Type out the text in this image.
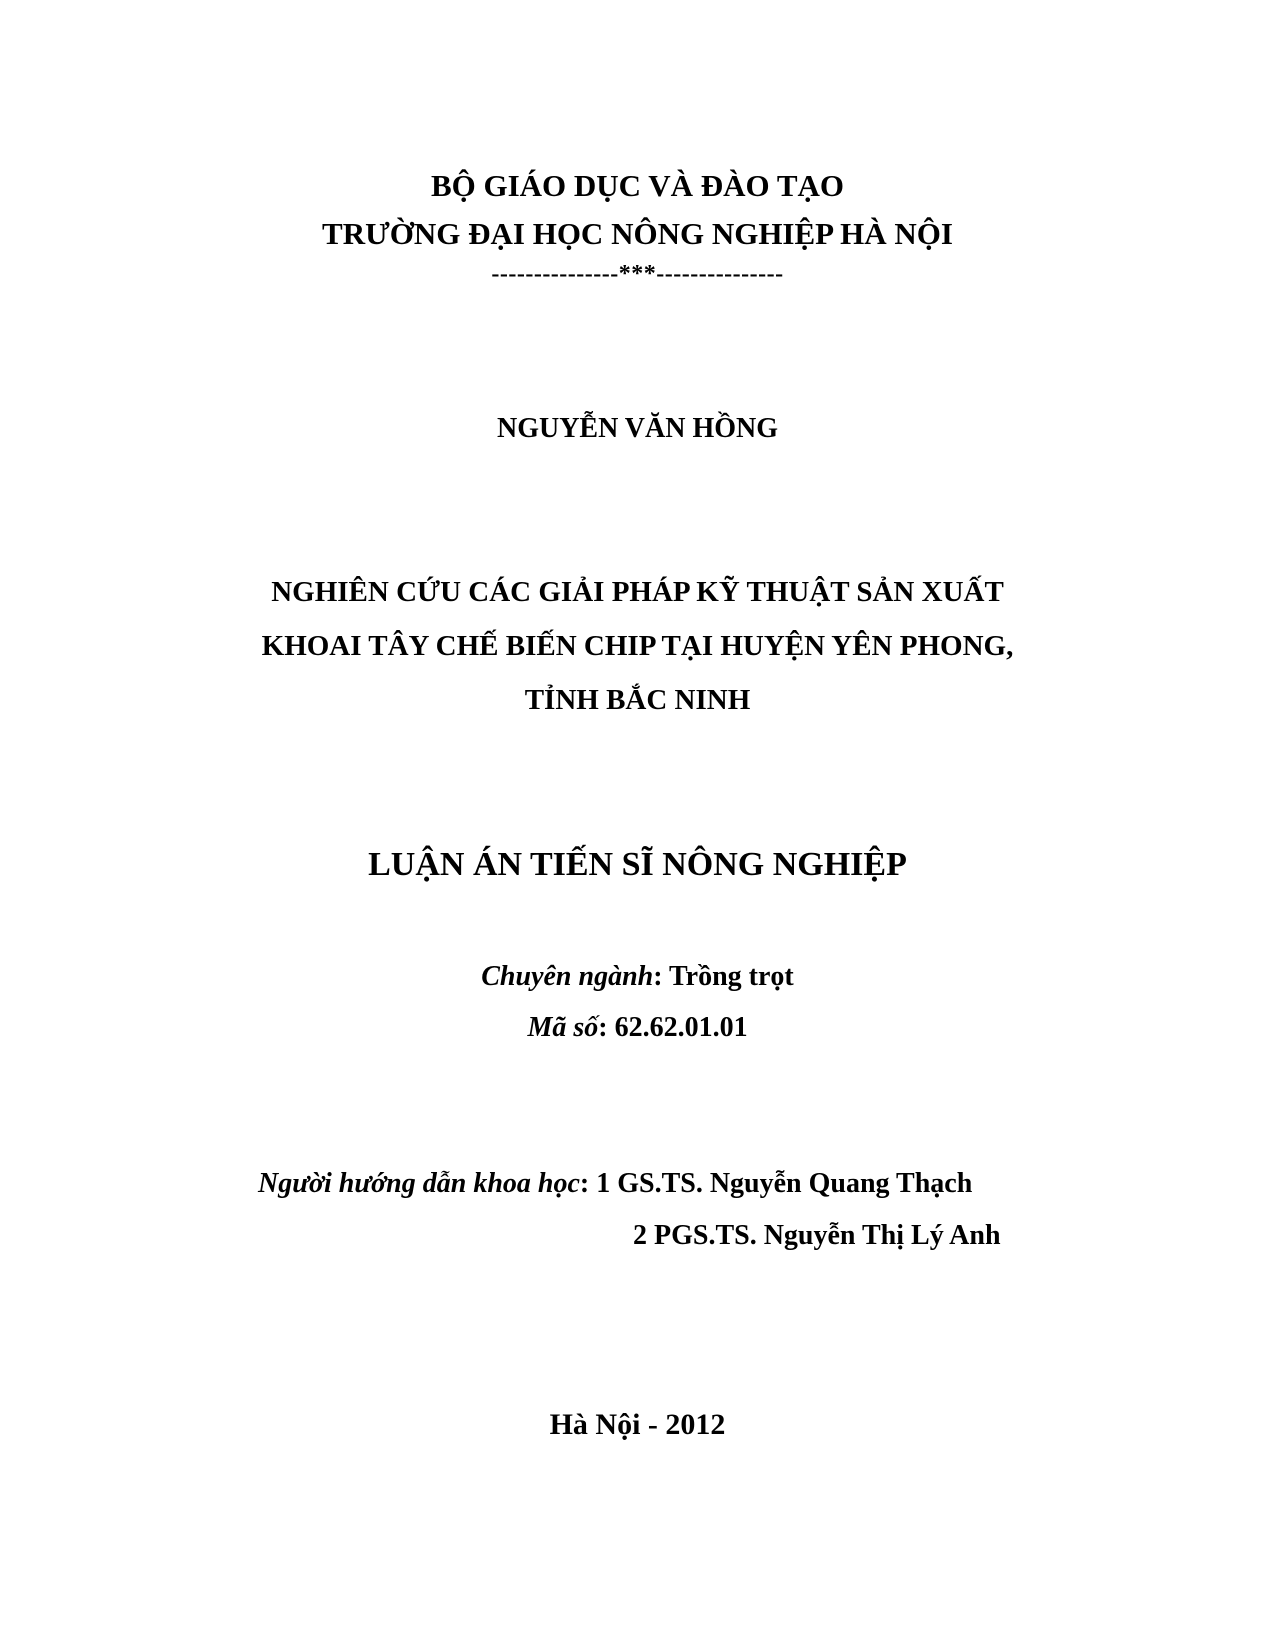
BỘ GIÁO DỤC VÀ ĐÀO TẠO
TRƯỜNG ĐẠI HỌC NÔNG NGHIỆP HÀ NỘI
---------------***---------------
NGUYỄN VĂN HỒNG
NGHIÊN CỨU CÁC GIẢI PHÁP KỸ THUẬT SẢN XUẤT
KHOAI TÂY CHẾ BIẾN CHIP TẠI HUYỆN YÊN PHONG,
TỈNH BẮC NINH
LUẬN ÁN TIẾN SĨ NÔNG NGHIỆP
Chuyên ngành: Trồng trọt
Mã số: 62.62.01.01
Người hướng dẫn khoa học: 1 GS.TS. Nguyễn Quang Thạch
2 PGS.TS. Nguyễn Thị Lý Anh
Hà Nội - 2012
